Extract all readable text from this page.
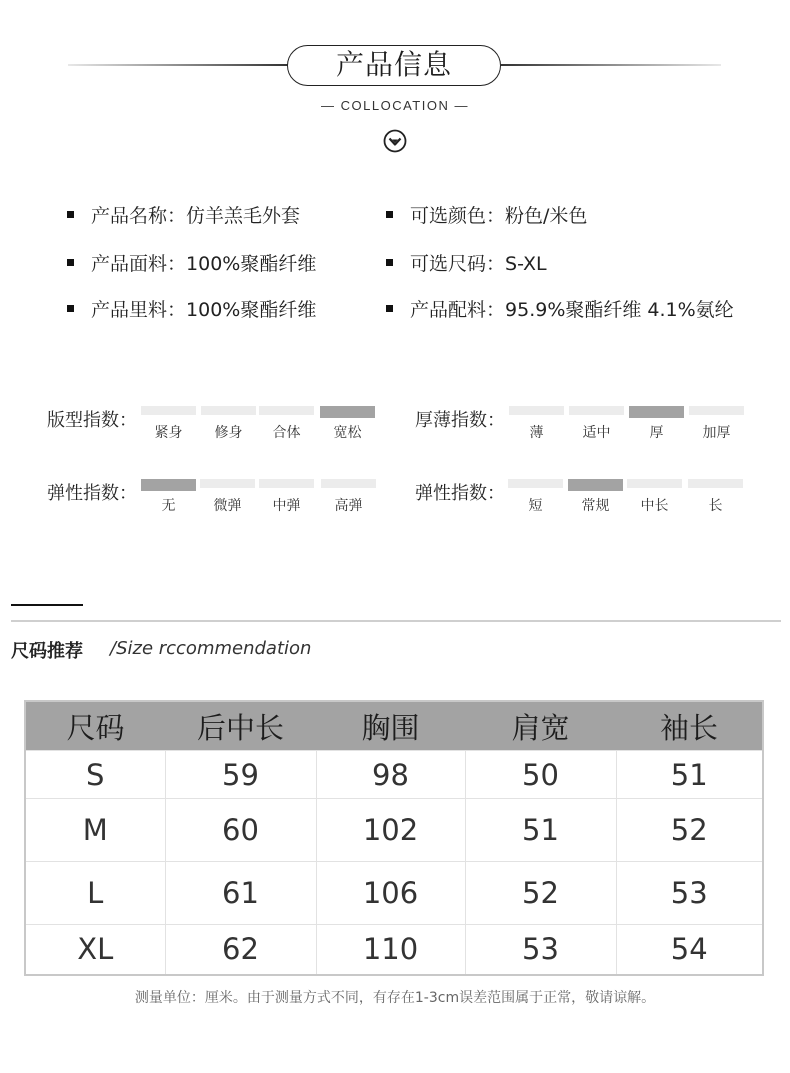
产品信息
— COLLOCATION —
产品名称：仿羊羔毛外套
产品面料：100%聚酯纤维
产品里料：100%聚酯纤维
可选颜色：粉色/米色
可选尺码：S-XL
产品配料：95.9%聚酯纤维 4.1%氨纶
版型指数：
紧身	修身	合体	宽松
厚薄指数：
薄	适中	厚	加厚
弹性指数：
无	微弹	中弹	高弹
弹性指数：
短	常规	中长	长
尺码推荐 /Size rccommendation
尺码	后中长	胸围	肩宽	袖长
S	59	98	50	51
M	60	102	51	52
L	61	106	52	53
XL	62	110	53	54
测量单位：厘米。由于测量方式不同，有存在1-3cm误差范围属于正常，敬请谅解。
